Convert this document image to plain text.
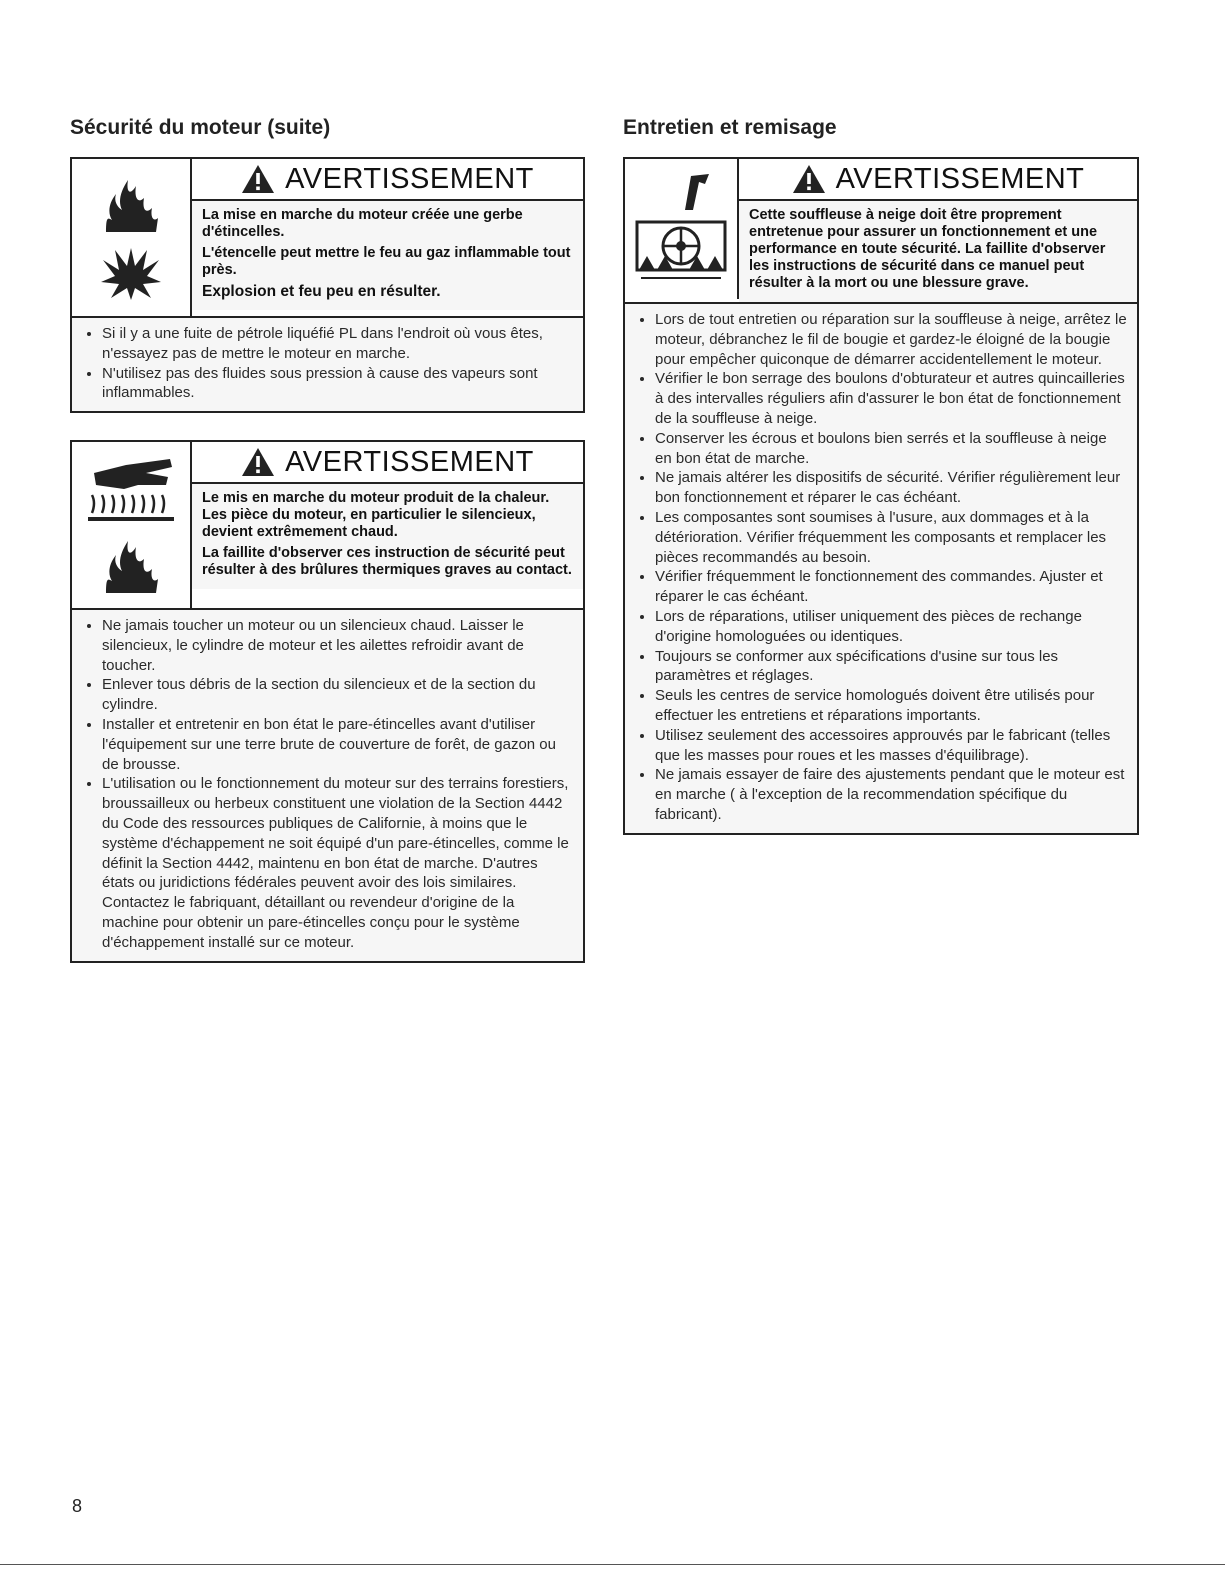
Sécurité du moteur (suite)
AVERTISSEMENT

La mise en marche du moteur créée une gerbe d'étincelles.

L'étencelle peut mettre le feu au gaz inflammable tout près.

Explosion et feu peu en résulter.

• Si il y a une fuite de pétrole liquéfié PL dans l'endroit où vous êtes, n'essayez pas de mettre le moteur en marche.
• N'utilisez pas des fluides sous pression à cause des vapeurs sont inflammables.
AVERTISSEMENT

Le mis en marche du moteur produit de la chaleur. Les pièce du moteur, en particulier le silencieux, devient extrêmement chaud.

La faillite d'observer ces instruction de sécurité peut résulter à des brûlures thermiques graves au contact.

• Ne jamais toucher un moteur ou un silencieux chaud. Laisser le silencieux, le cylindre de moteur et les ailettes refroidir avant de toucher.
• Enlever tous débris de la section du silencieux et de la section du cylindre.
• Installer et entretenir en bon état le pare-étincelles avant d'utiliser l'équipement sur une terre brute de couverture de forêt, de gazon ou de brousse.
• L'utilisation ou le fonctionnement du moteur sur des terrains forestiers, broussailleux ou herbeux constituent une violation de la Section 4442 du Code des ressources publiques de Californie, à moins que le système d'échappement ne soit équipé d'un pare-étincelles, comme le définit la Section 4442, maintenu en bon état de marche. D'autres états ou juridictions fédérales peuvent avoir des lois similaires. Contactez le fabriquant, détaillant ou revendeur d'origine de la machine pour obtenir un pare-étincelles conçu pour le système d'échappement installé sur ce moteur.
Entretien et remisage
AVERTISSEMENT

Cette souffleuse à neige doit être proprement entretenue pour assurer un fonctionnement et une performance en toute sécurité. La faillite d'observer les instructions de sécurité dans ce manuel peut résulter à la mort ou une blessure grave.

• Lors de tout entretien ou réparation sur la souffleuse à neige, arrêtez le moteur, débranchez le fil de bougie et gardez-le éloigné de la bougie pour empêcher quiconque de démarrer accidentellement le moteur.
• Vérifier le bon serrage des boulons d'obturateur et autres quincailleries à des intervalles réguliers afin d'assurer le bon état de fonctionnement de la souffleuse à neige.
• Conserver les écrous et boulons bien serrés et la souffleuse à neige en bon état de marche.
• Ne jamais altérer les dispositifs de sécurité. Vérifier régulièrement leur bon fonctionnement et réparer le cas échéant.
• Les composantes sont soumises à l'usure, aux dommages et à la détérioration. Vérifier fréquemment les composants et remplacer les pièces recommandés au besoin.
• Vérifier fréquemment le fonctionnement des commandes. Ajuster et réparer le cas échéant.
• Lors de réparations, utiliser uniquement des pièces de rechange d'origine homologuées ou identiques.
• Toujours se conformer aux spécifications d'usine sur tous les paramètres et réglages.
• Seuls les centres de service homologués doivent être utilisés pour effectuer les entretiens et réparations importants.
• Utilisez seulement des accessoires approuvés par le fabricant (telles que les masses pour roues et les masses d'équilibrage).
• Ne jamais essayer de faire des ajustements pendant que le moteur est en marche ( à l'exception de la recommendation spécifique du fabricant).

8
